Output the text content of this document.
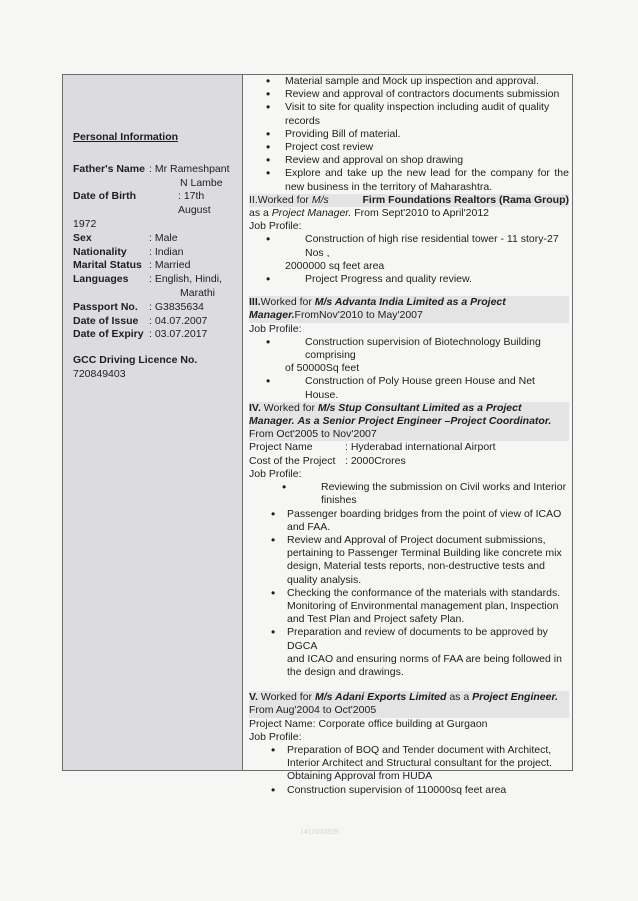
Personal Information
Father's Name : Mr Rameshpant
N Lambe
Date of Birth	: 17th August
1972
Sex	: Male
Nationality	: Indian
Marital Status : Married
Languages	: English, Hindi,
Marathi
Passport No.	: G3835634
Date of Issue	: 04.07.2007
Date of Expiry : 03.07.2017
GCC Driving Licence No.
720849403
• Material sample and Mock up inspection and approval.
• Review and approval of contractors documents submission
• Visit to site for quality inspection including audit of quality records
• Providing Bill of material.
• Project cost review
• Review and approval on shop drawing
• Explore and take up the new lead for the company for the new business in the territory of Maharashtra.
II.Worked for M/s	Firm Foundations Realtors (Rama Group)
as a Project Manager. From Sept'2010 to April'2012
Job Profile:
• Construction of high rise residential tower - 11 story-27 Nos ,
2000000 sq feet area
• Project Progress and quality review.
III.Worked for M/s Advanta India Limited as a Project Manager.FromNov'2010 to May'2007
Job Profile:
• Construction supervision of Biotechnology Building comprising
of 50000Sq feet
• Construction of Poly House green House and Net House.
IV. Worked for M/s Stup Consultant Limited as a Project Manager. As a Senior Project Engineer –Project Coordinator. From Oct'2005 to Nov'2007
Project Name	: Hyderabad international Airport
Cost of the Project : 2000Crores
Job Profile:
• Reviewing the submission on Civil works and Interior finishes
• Passenger boarding bridges from the point of view of ICAO and FAA.
• Review and Approval of Project document submissions, pertaining to Passenger Terminal Building like concrete mix design, Material tests reports, non-destructive tests and quality analysis.
• Checking the conformance of the materials with standards.
Monitoring of Environmental management plan, Inspection and Test Plan and Project safety Plan.
• Preparation and review of documents to be approved by DGCA
and ICAO and ensuring norms of FAA are being followed in the design and drawings.
V. Worked for M/s Adani Exports Limited as a Project Engineer. From Aug'2004 to Oct'2005
Project Name: Corporate office building at Gurgaon
Job Profile:
• Preparation of BOQ and Tender document with Architect, Interior Architect and Structural consultant for the project. Obtaining Approval from HUDA
• Construction supervision of 110000sq feet area
1412034925
